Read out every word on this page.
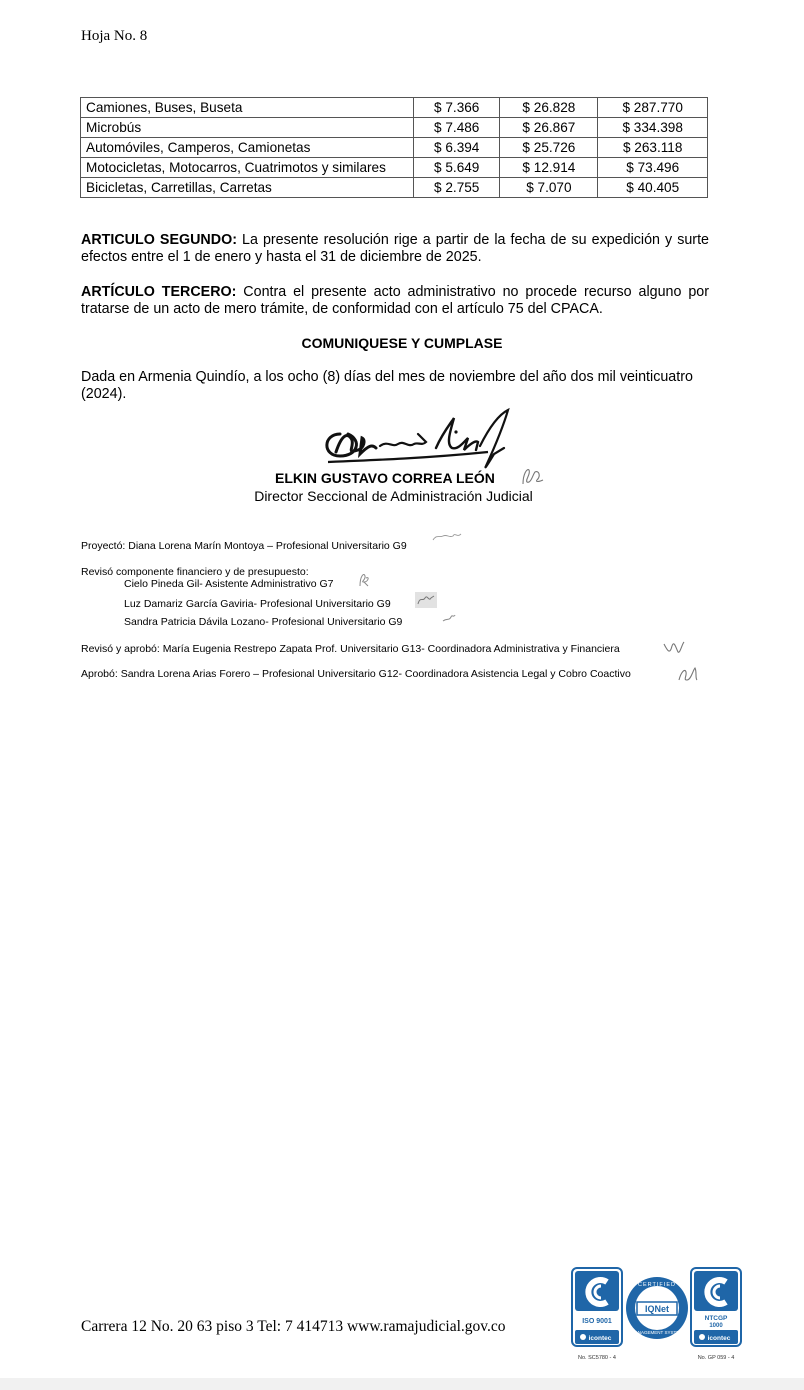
Hoja No. 8
Camiones, Buses, Buseta	$ 7.366	$ 26.828	$ 287.770
Microbús	$ 7.486	$ 26.867	$ 334.398
Automóviles, Camperos, Camionetas	$ 6.394	$ 25.726	$ 263.118
Motocicletas, Motocarros, Cuatrimotos y similares	$ 5.649	$ 12.914	$ 73.496
Bicicletas, Carretillas, Carretas	$ 2.755	$ 7.070	$ 40.405

ARTICULO SEGUNDO: La presente resolución rige a partir de la fecha de su expedición y surte efectos entre el 1 de enero y hasta el 31 de diciembre de 2025.

ARTÍCULO TERCERO: Contra el presente acto administrativo no procede recurso alguno por tratarse de un acto de mero trámite, de conformidad con el artículo 75 del CPACA.

COMUNIQUESE Y CUMPLASE

Dada en Armenia Quindío, a los ocho (8) días del mes de noviembre del año dos mil veinticuatro (2024).

ELKIN GUSTAVO CORREA LEÓN
Director Seccional de Administración Judicial
Proyectó: Diana Lorena Marín Montoya – Profesional Universitario G9
Revisó componente financiero y de presupuesto:
Cielo Pineda Gil- Asistente Administrativo G7
Luz Damariz García Gaviria- Profesional Universitario G9
Sandra Patricia Dávila Lozano- Profesional Universitario G9
Revisó y aprobó: María Eugenia Restrepo Zapata Prof. Universitario G13- Coordinadora Administrativa y Financiera
Aprobó: Sandra Lorena Arias Forero – Profesional Universitario G12- Coordinadora Asistencia Legal y Cobro Coactivo
Carrera 12 No. 20 63 piso 3 Tel: 7 414713 www.ramajudicial.gov.co	ISO 9001
icontec
No. SC5780 - 4
CERTIFIED
IQNet
MANAGEMENT SYSTEM
NTCGP
1000
icontec
No. GP 059 - 4
